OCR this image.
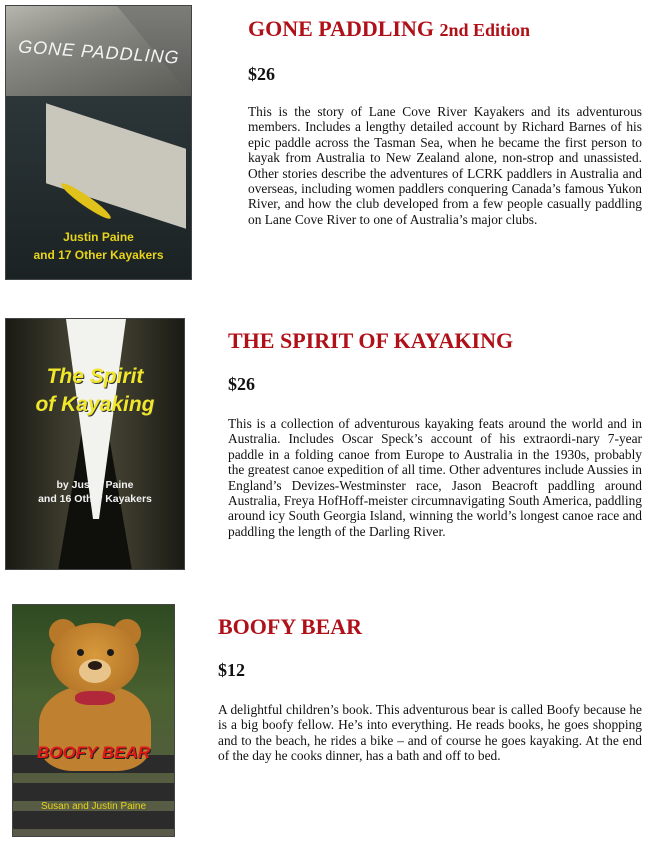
GONE PADDLING
Justin Paine
and 17 Other Kayakers
GONE PADDLING 2nd Edition
$26

This is the story of Lane Cove River Kayakers and its adventurous members. Includes a lengthy detailed account by Richard Barnes of his epic paddle across the Tasman Sea, when he became the first person to kayak from Australia to New Zealand alone, non-strop and unassisted. Other stories describe the adventures of LCRK paddlers in Australia and overseas, including women paddlers conquering Canada’s famous Yukon River, and how the club developed from a few people casually paddling on Lane Cove River to one of Australia’s major clubs.

The Spirit
of Kayaking
by Justin Paine
and 16 Other Kayakers
THE SPIRIT OF KAYAKING
$26

This is a collection of adventurous kayaking feats around the world and in Australia. Includes Oscar Speck’s account of his extraordi-nary 7-year paddle in a folding canoe from Europe to Australia in the 1930s, probably the greatest canoe expedition of all time. Other adventures include Aussies in England’s Devizes-Westminster race, Jason Beacroft paddling around Australia, Freya HofHoff-meister circumnavigating South America, paddling around icy South Georgia Island, winning the world’s longest canoe race and paddling the length of the Darling River.

BOOFY BEAR
Susan and Justin Paine
BOOFY BEAR
$12

A delightful children’s book. This adventurous bear is called Boofy because he is a big boofy fellow. He’s into everything. He reads books, he goes shopping and to the beach, he rides a bike – and of course he goes kayaking. At the end of the day he cooks dinner, has a bath and off to bed.
